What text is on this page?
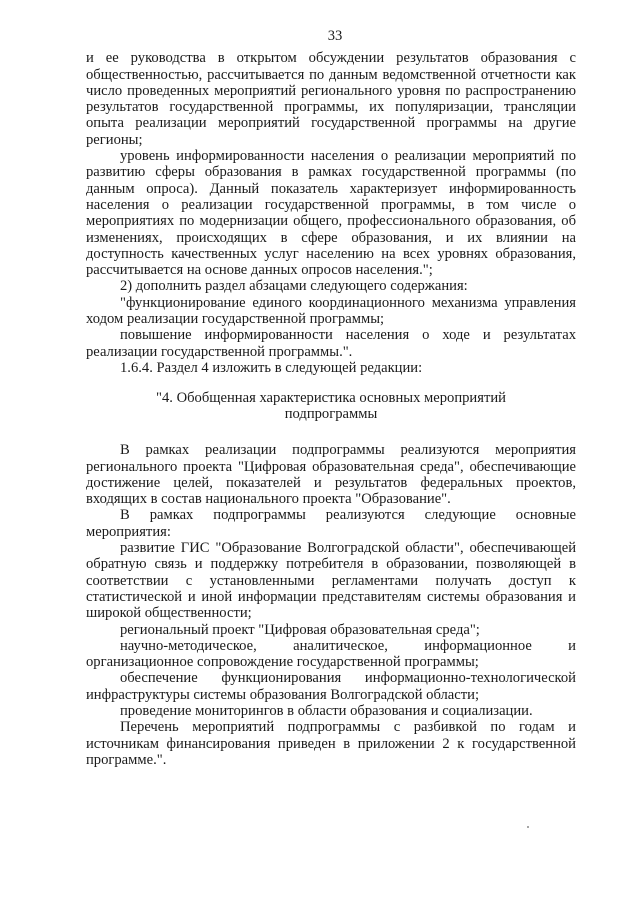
33

и ее руководства в открытом обсуждении результатов образования с общественностью, рассчитывается по данным ведомственной отчетности как число проведенных мероприятий регионального уровня по распространению результатов государственной программы, их популяризации, трансляции опыта реализации мероприятий государственной программы на другие регионы;

уровень информированности населения о реализации мероприятий по развитию сферы образования в рамках государственной программы (по данным опроса). Данный показатель характеризует информированность населения о реализации государственной программы, в том числе о мероприятиях по модернизации общего, профессионального образования, об изменениях, происходящих в сфере образования, и их влиянии на доступность качественных услуг населению на всех уровнях образования, рассчитывается на основе данных опросов населения.";

2) дополнить раздел абзацами следующего содержания:

"функционирование единого координационного механизма управления ходом реализации государственной программы;

повышение информированности населения о ходе и результатах реализации государственной программы.".

1.6.4. Раздел 4 изложить в следующей редакции:

"4. Обобщенная характеристика основных мероприятий подпрограммы

В рамках реализации подпрограммы реализуются мероприятия регионального проекта "Цифровая образовательная среда", обеспечивающие достижение целей, показателей и результатов федеральных проектов, входящих в состав национального проекта "Образование".

В рамках подпрограммы реализуются следующие основные мероприятия:

развитие ГИС "Образование Волгоградской области", обеспечивающей обратную связь и поддержку потребителя в образовании, позволяющей в соответствии с установленными регламентами получать доступ к статистической и иной информации представителям системы образования и широкой общественности;

региональный проект "Цифровая образовательная среда";

научно-методическое, аналитическое, информационное и организационное сопровождение государственной программы;

обеспечение функционирования информационно-технологической инфраструктуры системы образования Волгоградской области;

проведение мониторингов в области образования и социализации.

Перечень мероприятий подпрограммы с разбивкой по годам и источникам финансирования приведен в приложении 2 к государственной программе.".
